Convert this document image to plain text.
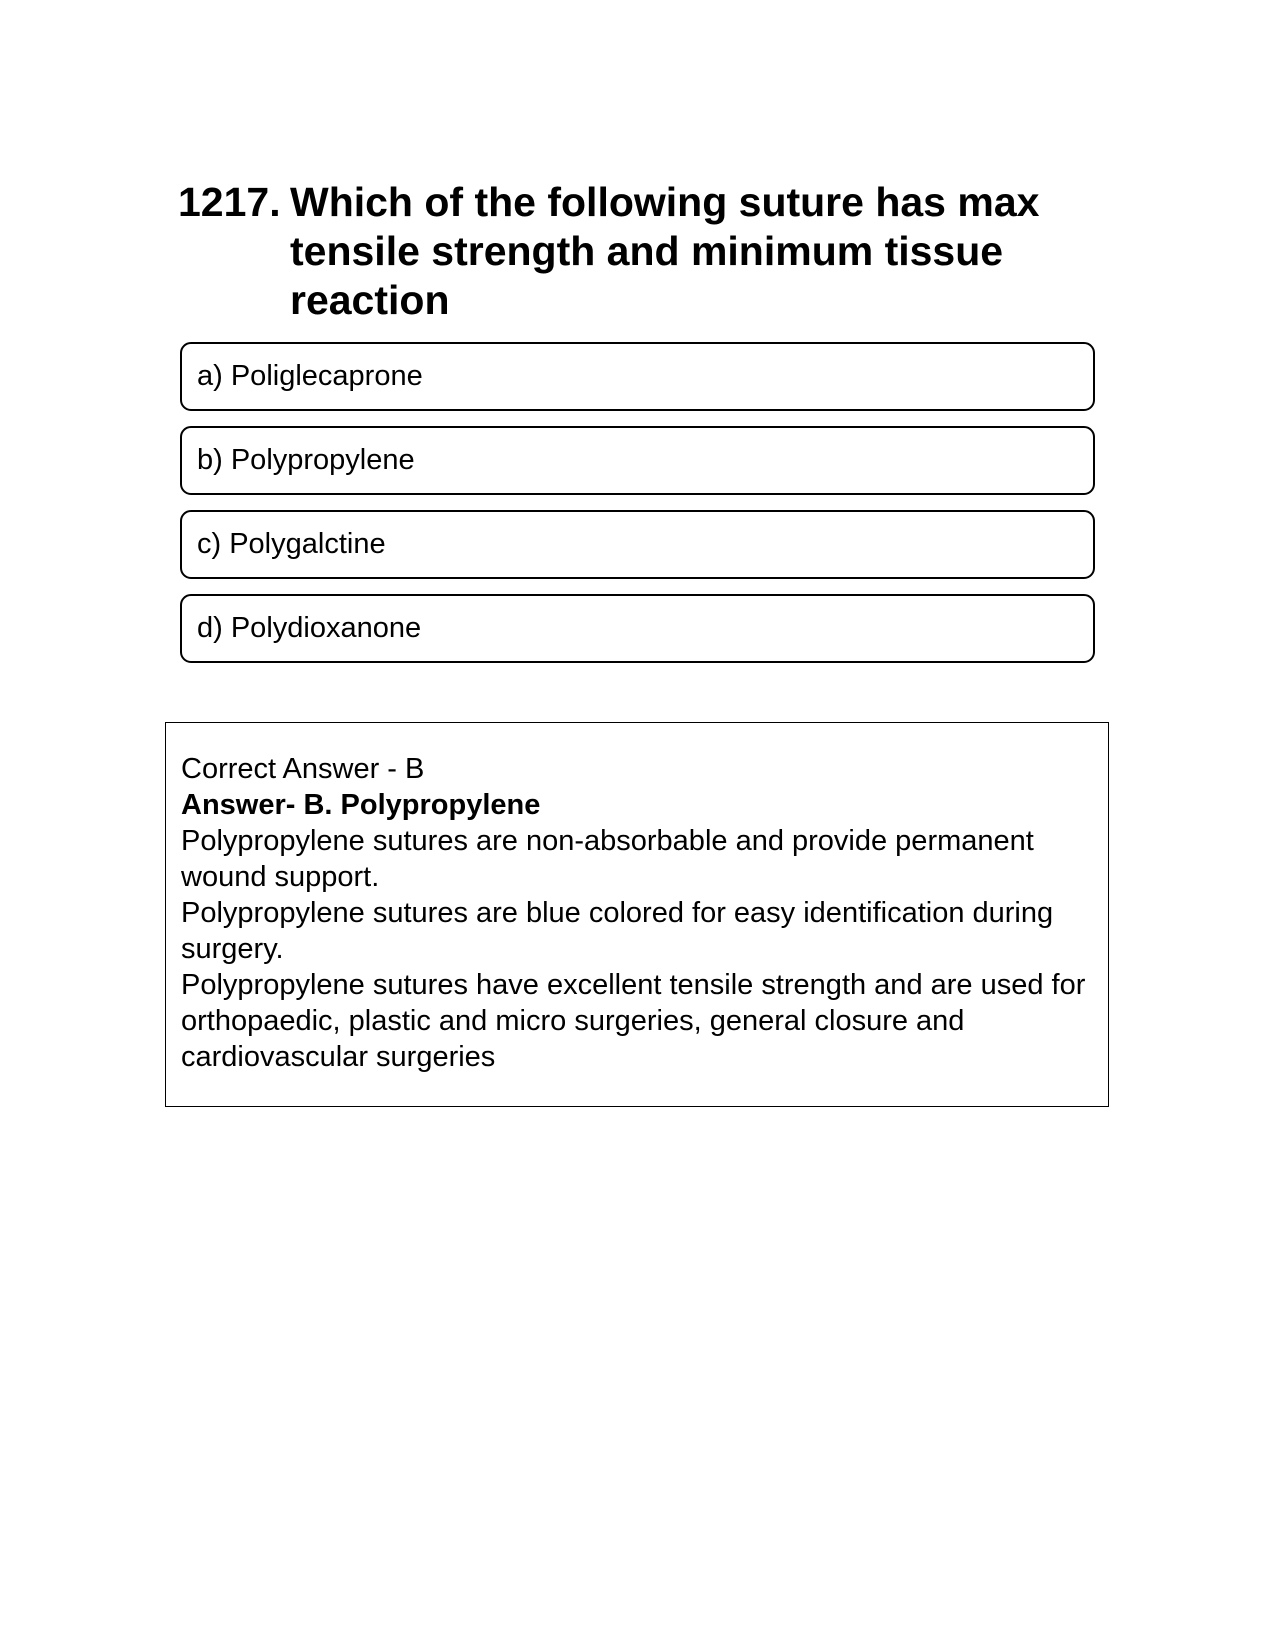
1217. Which of the following suture has max tensile strength and minimum tissue reaction
a) Poliglecaprone
b) Polypropylene
c) Polygalctine
d) Polydioxanone

Correct Answer - B

Answer- B. Polypropylene

Polypropylene sutures are non-absorbable and provide permanent wound support.

Polypropylene sutures are blue colored for easy identification during surgery.

Polypropylene sutures have excellent tensile strength and are used for orthopaedic, plastic and micro surgeries, general closure and cardiovascular surgeries
